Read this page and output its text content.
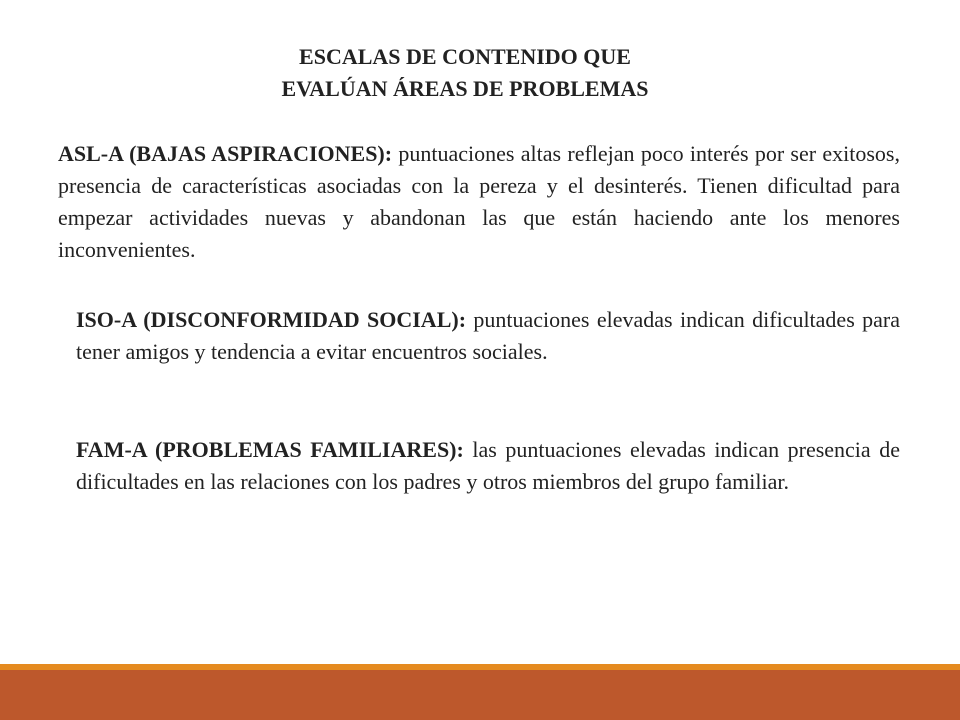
ESCALAS DE CONTENIDO QUE
EVALÚAN ÁREAS DE PROBLEMAS
ASL-A (BAJAS ASPIRACIONES): puntuaciones altas reflejan poco interés por ser exitosos, presencia de características asociadas con la pereza y el desinterés. Tienen dificultad para empezar actividades nuevas y abandonan las que están haciendo ante los menores inconvenientes.
ISO-A (DISCONFORMIDAD SOCIAL): puntuaciones elevadas indican dificultades para tener amigos y tendencia a evitar encuentros sociales.
FAM-A (PROBLEMAS FAMILIARES): las puntuaciones elevadas indican presencia de dificultades en las relaciones con los padres y otros miembros del grupo familiar.
